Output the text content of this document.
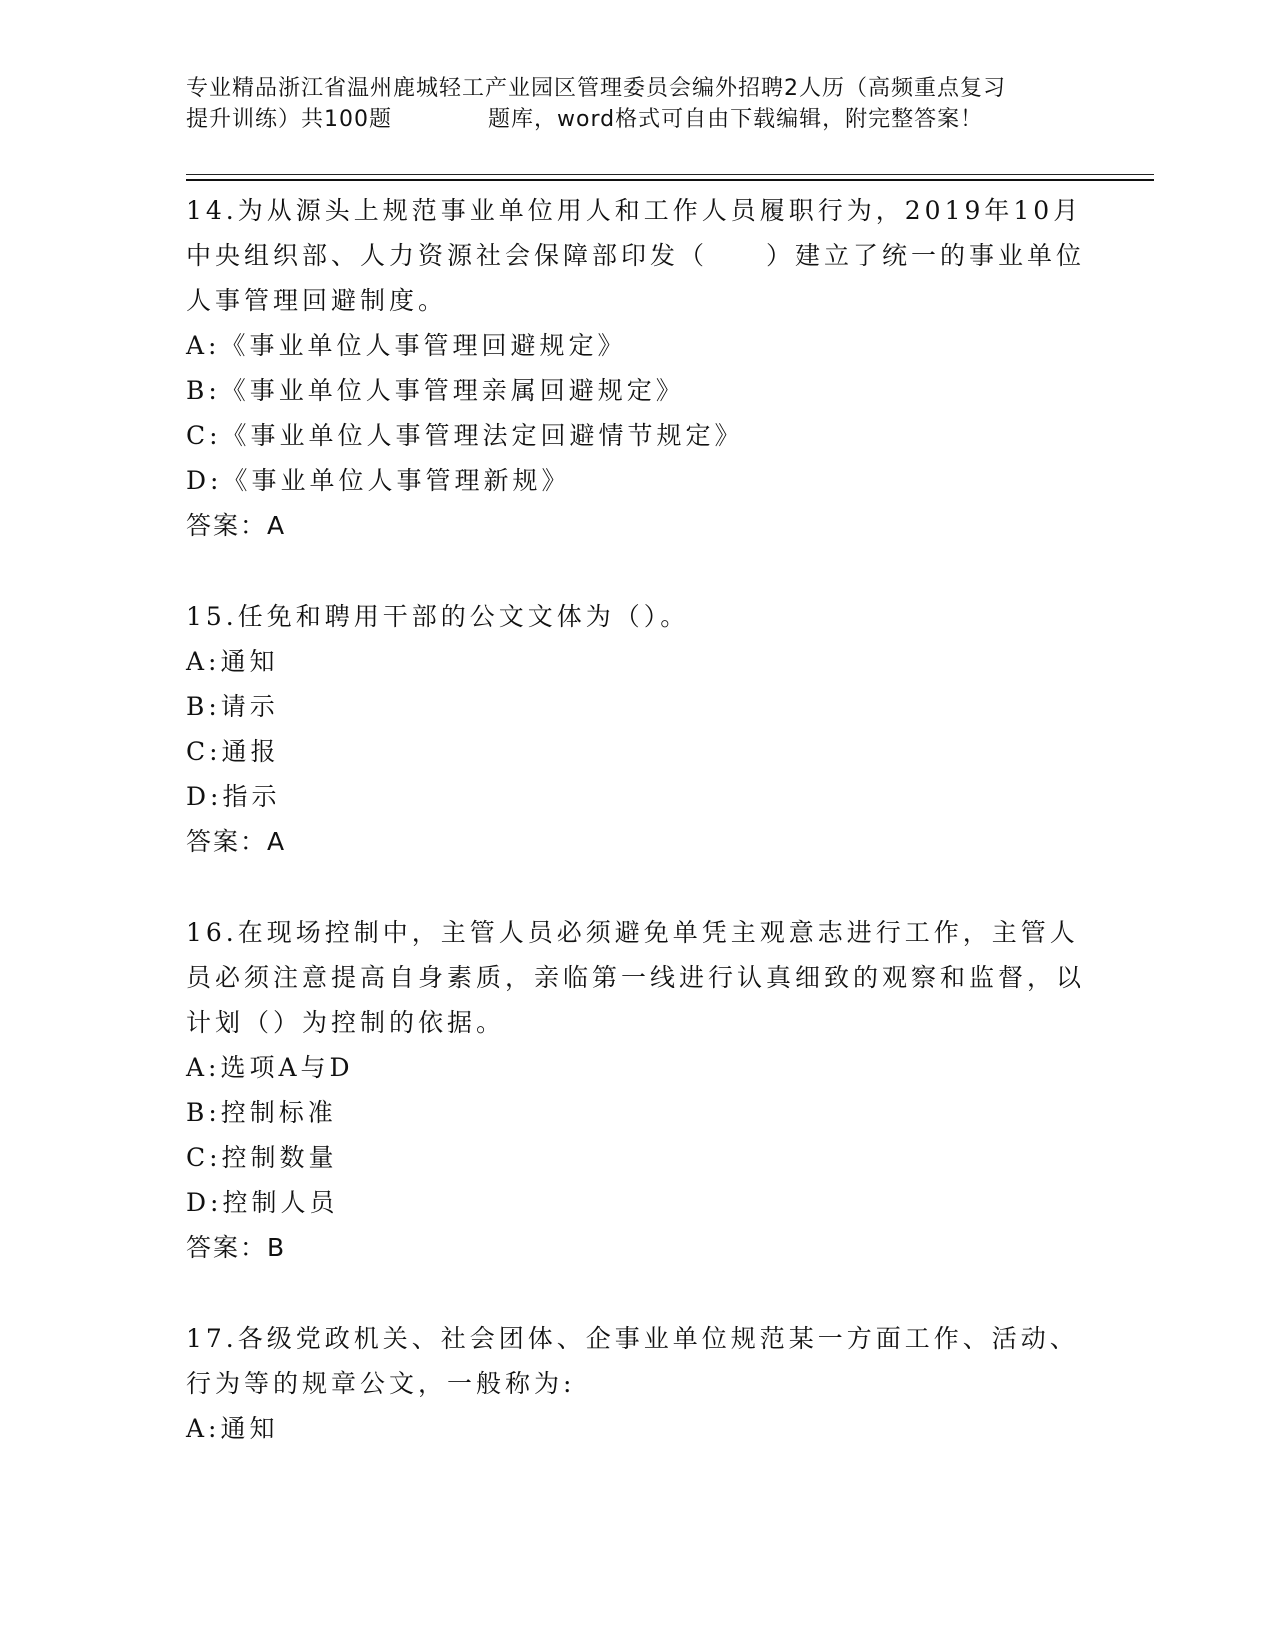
专业精品浙江省温州鹿城轻工产业园区管理委员会编外招聘2人历（高频重点复习
提升训练）共100题	题库，word格式可自由下载编辑，附完整答案！

14.为从源头上规范事业单位用人和工作人员履职行为，2019年10月中央组织部、人力资源社会保障部印发（　　）建立了统一的事业单位人事管理回避制度。

A:《事业单位人事管理回避规定》

B:《事业单位人事管理亲属回避规定》

C:《事业单位人事管理法定回避情节规定》

D:《事业单位人事管理新规》

答案：A

15.任免和聘用干部的公文文体为（）。

A:通知

B:请示

C:通报

D:指示

答案：A

16.在现场控制中，主管人员必须避免单凭主观意志进行工作，主管人员必须注意提高自身素质，亲临第一线进行认真细致的观察和监督，以计划（）为控制的依据。

A:选项A与D

B:控制标准

C:控制数量

D:控制人员

答案：B

17.各级党政机关、社会团体、企事业单位规范某一方面工作、活动、行为等的规章公文，一般称为:

A:通知
